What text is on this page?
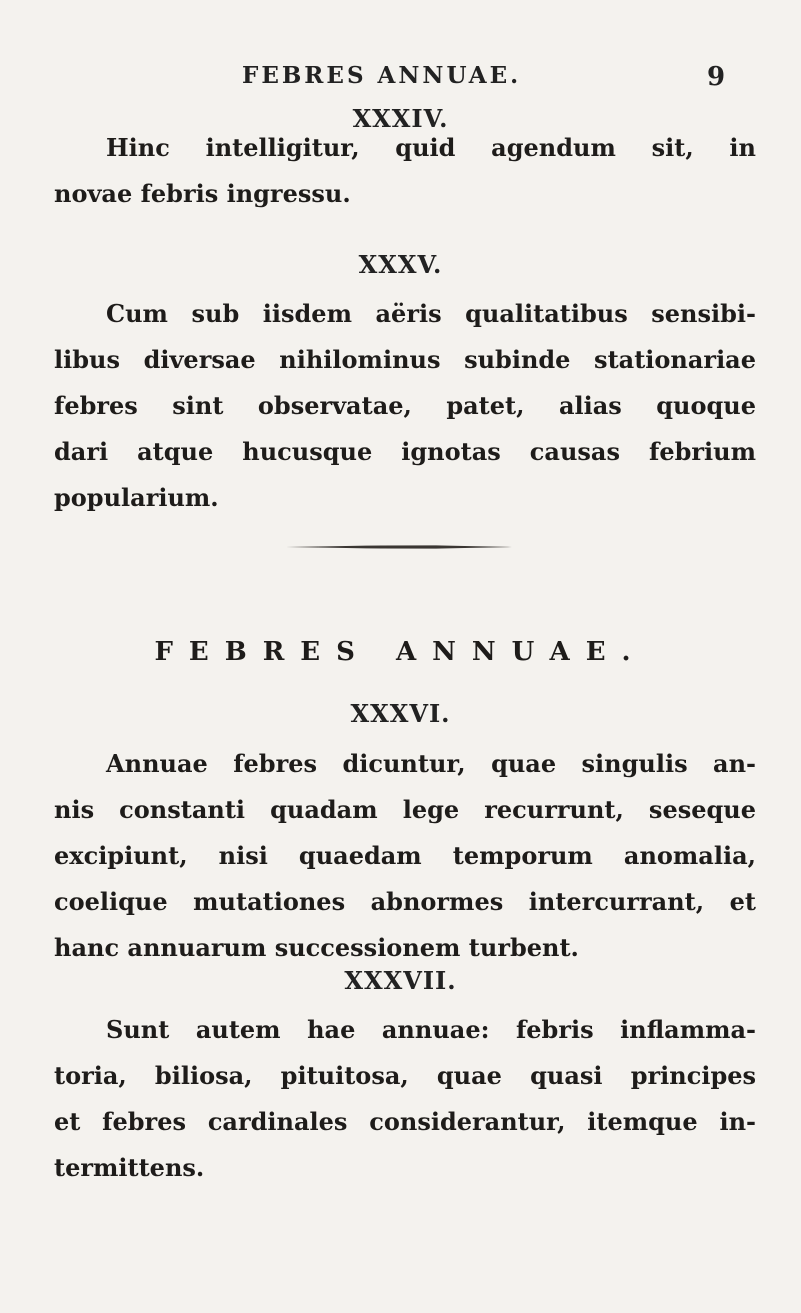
FEBRES ANNUAE.	9
XXXIV.
Hinc intelligitur, quid agendum sit, in
novae febris ingressu.
XXXV.
Cum sub iisdem aëris qualitatibus sensibi-
libus diversae nihilominus subinde stationariae
febres sint observatae, patet, alias quoque
dari atque hucusque ignotas causas febrium
popularium.
FEBRES ANNUAE.
XXXVI.
Annuae febres dicuntur, quae singulis an-
nis constanti quadam lege recurrunt, seseque
excipiunt, nisi quaedam temporum anomalia,
coelique mutationes abnormes intercurrant, et
hanc annuarum successionem turbent.
XXXVII.
Sunt autem hae annuae: febris inflamma-
toria, biliosa, pituitosa, quae quasi principes
et febres cardinales considerantur, itemque in-
termittens.
